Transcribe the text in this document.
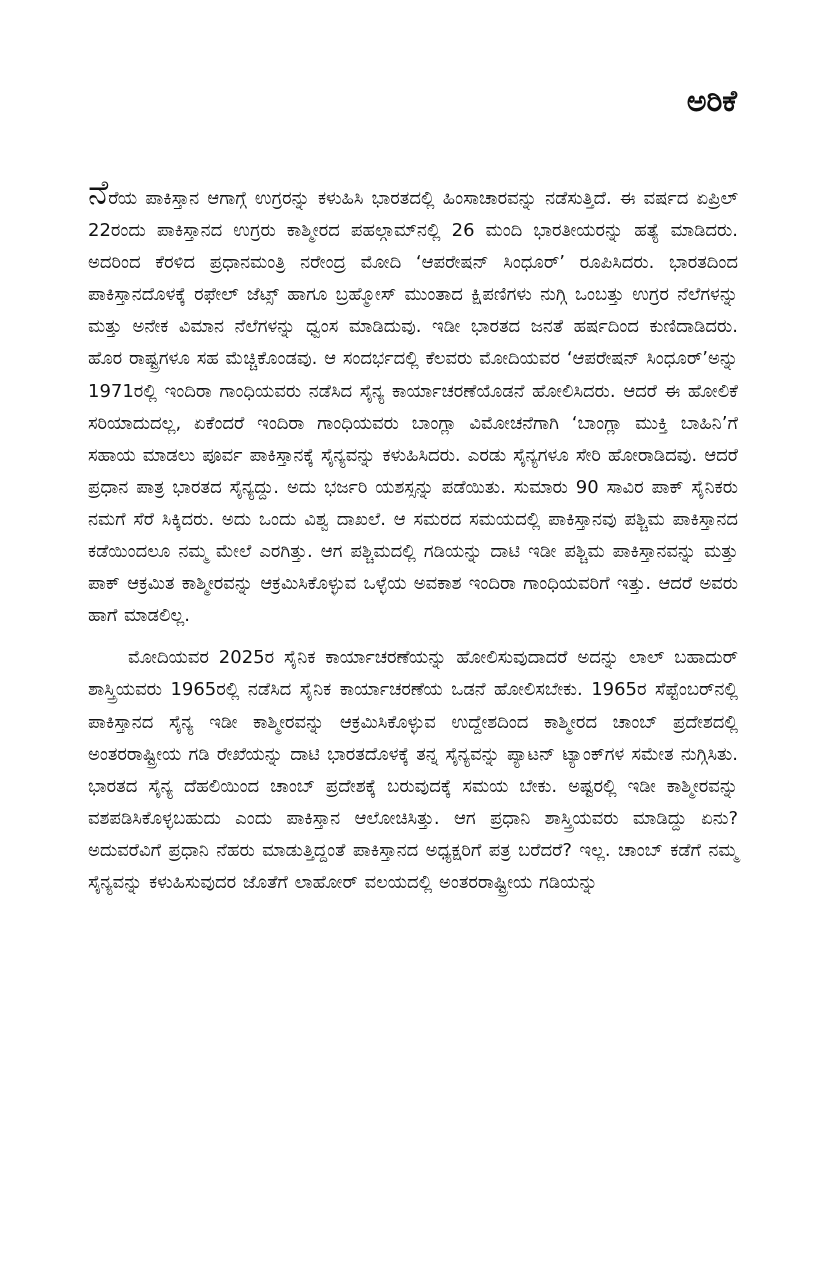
ಅರಿಕೆ

ನೆರೆಯ ಪಾಕಿಸ್ತಾನ ಆಗಾಗ್ಗೆ ಉಗ್ರರನ್ನು ಕಳುಹಿಸಿ ಭಾರತದಲ್ಲಿ ಹಿಂಸಾಚಾರವನ್ನು ನಡೆಸುತ್ತಿದೆ. ಈ ವರ್ಷದ ಏಪ್ರಿಲ್ 22ರಂದು ಪಾಕಿಸ್ತಾನದ ಉಗ್ರರು ಕಾಶ್ಮೀರದ ಪಹಲ್ಗಾಮ್‌ನಲ್ಲಿ 26 ಮಂದಿ ಭಾರತೀಯರನ್ನು ಹತ್ಯೆ ಮಾಡಿದರು. ಅದರಿಂದ ಕೆರಳಿದ ಪ್ರಧಾನಮಂತ್ರಿ ನರೇಂದ್ರ ಮೋದಿ ‘ಆಪರೇಷನ್ ಸಿಂಧೂರ್’ ರೂಪಿಸಿದರು. ಭಾರತದಿಂದ ಪಾಕಿಸ್ತಾನದೊಳಕ್ಕೆ ರಫೇಲ್ ಜೆಟ್ಸ್ ಹಾಗೂ ಬ್ರಹ್ಮೋಸ್ ಮುಂತಾದ ಕ್ಷಿಪಣಿಗಳು ನುಗ್ಗಿ ಒಂಬತ್ತು ಉಗ್ರರ ನೆಲೆಗಳನ್ನು ಮತ್ತು ಅನೇಕ ವಿಮಾನ ನೆಲೆಗಳನ್ನು ಧ್ವಂಸ ಮಾಡಿದುವು. ಇಡೀ ಭಾರತದ ಜನತೆ ಹರ್ಷದಿಂದ ಕುಣಿದಾಡಿದರು. ಹೊರ ರಾಷ್ಟ್ರಗಳೂ ಸಹ ಮೆಚ್ಚಿಕೊಂಡವು. ಆ ಸಂದರ್ಭದಲ್ಲಿ ಕೆಲವರು ಮೋದಿಯವರ ‘ಆಪರೇಷನ್ ಸಿಂಧೂರ್’ಅನ್ನು 1971ರಲ್ಲಿ ಇಂದಿರಾ ಗಾಂಧಿಯವರು ನಡೆಸಿದ ಸೈನ್ಯ ಕಾರ್ಯಾಚರಣೆಯೊಡನೆ ಹೋಲಿಸಿದರು. ಆದರೆ ಈ ಹೋಲಿಕೆ ಸರಿಯಾದುದಲ್ಲ, ಏಕೆಂದರೆ ಇಂದಿರಾ ಗಾಂಧಿಯವರು ಬಾಂಗ್ಲಾ ವಿಮೋಚನೆಗಾಗಿ ‘ಬಾಂಗ್ಲಾ ಮುಕ್ತಿ ಬಾಹಿನಿ’ಗೆ ಸಹಾಯ ಮಾಡಲು ಪೂರ್ವ ಪಾಕಿಸ್ತಾನಕ್ಕೆ ಸೈನ್ಯವನ್ನು ಕಳುಹಿಸಿದರು. ಎರಡು ಸೈನ್ಯಗಳೂ ಸೇರಿ ಹೋರಾಡಿದವು. ಆದರೆ ಪ್ರಧಾನ ಪಾತ್ರ ಭಾರತದ ಸೈನ್ಯದ್ದು. ಅದು ಭರ್ಜರಿ ಯಶಸ್ಸನ್ನು ಪಡೆಯಿತು. ಸುಮಾರು 90 ಸಾವಿರ ಪಾಕ್ ಸೈನಿಕರು ನಮಗೆ ಸೆರೆ ಸಿಕ್ಕಿದರು. ಅದು ಒಂದು ವಿಶ್ವ ದಾಖಲೆ. ಆ ಸಮರದ ಸಮಯದಲ್ಲಿ ಪಾಕಿಸ್ತಾನವು ಪಶ್ಚಿಮ ಪಾಕಿಸ್ತಾನದ ಕಡೆಯಿಂದಲೂ ನಮ್ಮ ಮೇಲೆ ಎರಗಿತ್ತು. ಆಗ ಪಶ್ಚಿಮದಲ್ಲಿ ಗಡಿಯನ್ನು ದಾಟಿ ಇಡೀ ಪಶ್ಚಿಮ ಪಾಕಿಸ್ತಾನವನ್ನು ಮತ್ತು ಪಾಕ್ ಆಕ್ರಮಿತ ಕಾಶ್ಮೀರವನ್ನು ಆಕ್ರಮಿಸಿಕೊಳ್ಳುವ ಒಳ್ಳೆಯ ಅವಕಾಶ ಇಂದಿರಾ ಗಾಂಧಿಯವರಿಗೆ ಇತ್ತು. ಆದರೆ ಅವರು ಹಾಗೆ ಮಾಡಲಿಲ್ಲ.

ಮೋದಿಯವರ 2025ರ ಸೈನಿಕ ಕಾರ್ಯಾಚರಣೆಯನ್ನು ಹೋಲಿಸುವುದಾದರೆ ಅದನ್ನು ಲಾಲ್ ಬಹಾದುರ್ ಶಾಸ್ತ್ರಿಯವರು 1965ರಲ್ಲಿ ನಡೆಸಿದ ಸೈನಿಕ ಕಾರ್ಯಾಚರಣೆಯ ಒಡನೆ ಹೋಲಿಸಬೇಕು. 1965ರ ಸೆಪ್ಟೆಂಬರ್‌ನಲ್ಲಿ ಪಾಕಿಸ್ತಾನದ ಸೈನ್ಯ ಇಡೀ ಕಾಶ್ಮೀರವನ್ನು ಆಕ್ರಮಿಸಿಕೊಳ್ಳುವ ಉದ್ದೇಶದಿಂದ ಕಾಶ್ಮೀರದ ಚಾಂಬ್ ಪ್ರದೇಶದಲ್ಲಿ ಅಂತರರಾಷ್ಟ್ರೀಯ ಗಡಿ ರೇಖೆಯನ್ನು ದಾಟಿ ಭಾರತದೊಳಕ್ಕೆ ತನ್ನ ಸೈನ್ಯವನ್ನು ಪ್ಯಾಟನ್ ಟ್ಯಾಂಕ್‌ಗಳ ಸಮೇತ ನುಗ್ಗಿಸಿತು. ಭಾರತದ ಸೈನ್ಯ ದೆಹಲಿಯಿಂದ ಚಾಂಬ್ ಪ್ರದೇಶಕ್ಕೆ ಬರುವುದಕ್ಕೆ ಸಮಯ ಬೇಕು. ಅಷ್ಟರಲ್ಲಿ ಇಡೀ ಕಾಶ್ಮೀರವನ್ನು ವಶಪಡಿಸಿಕೊಳ್ಳಬಹುದು ಎಂದು ಪಾಕಿಸ್ತಾನ ಆಲೋಚಿಸಿತ್ತು. ಆಗ ಪ್ರಧಾನಿ ಶಾಸ್ತ್ರಿಯವರು ಮಾಡಿದ್ದು ಏನು? ಅದುವರೆವಿಗೆ ಪ್ರಧಾನಿ ನೆಹರು ಮಾಡುತ್ತಿದ್ದಂತೆ ಪಾಕಿಸ್ತಾನದ ಅಧ್ಯಕ್ಷರಿಗೆ ಪತ್ರ ಬರೆದರೆ? ಇಲ್ಲ. ಚಾಂಬ್ ಕಡೆಗೆ ನಮ್ಮ ಸೈನ್ಯವನ್ನು ಕಳುಹಿಸುವುದರ ಜೊತೆಗೆ ಲಾಹೋರ್ ವಲಯದಲ್ಲಿ ಅಂತರರಾಷ್ಟ್ರೀಯ ಗಡಿಯನ್ನು
